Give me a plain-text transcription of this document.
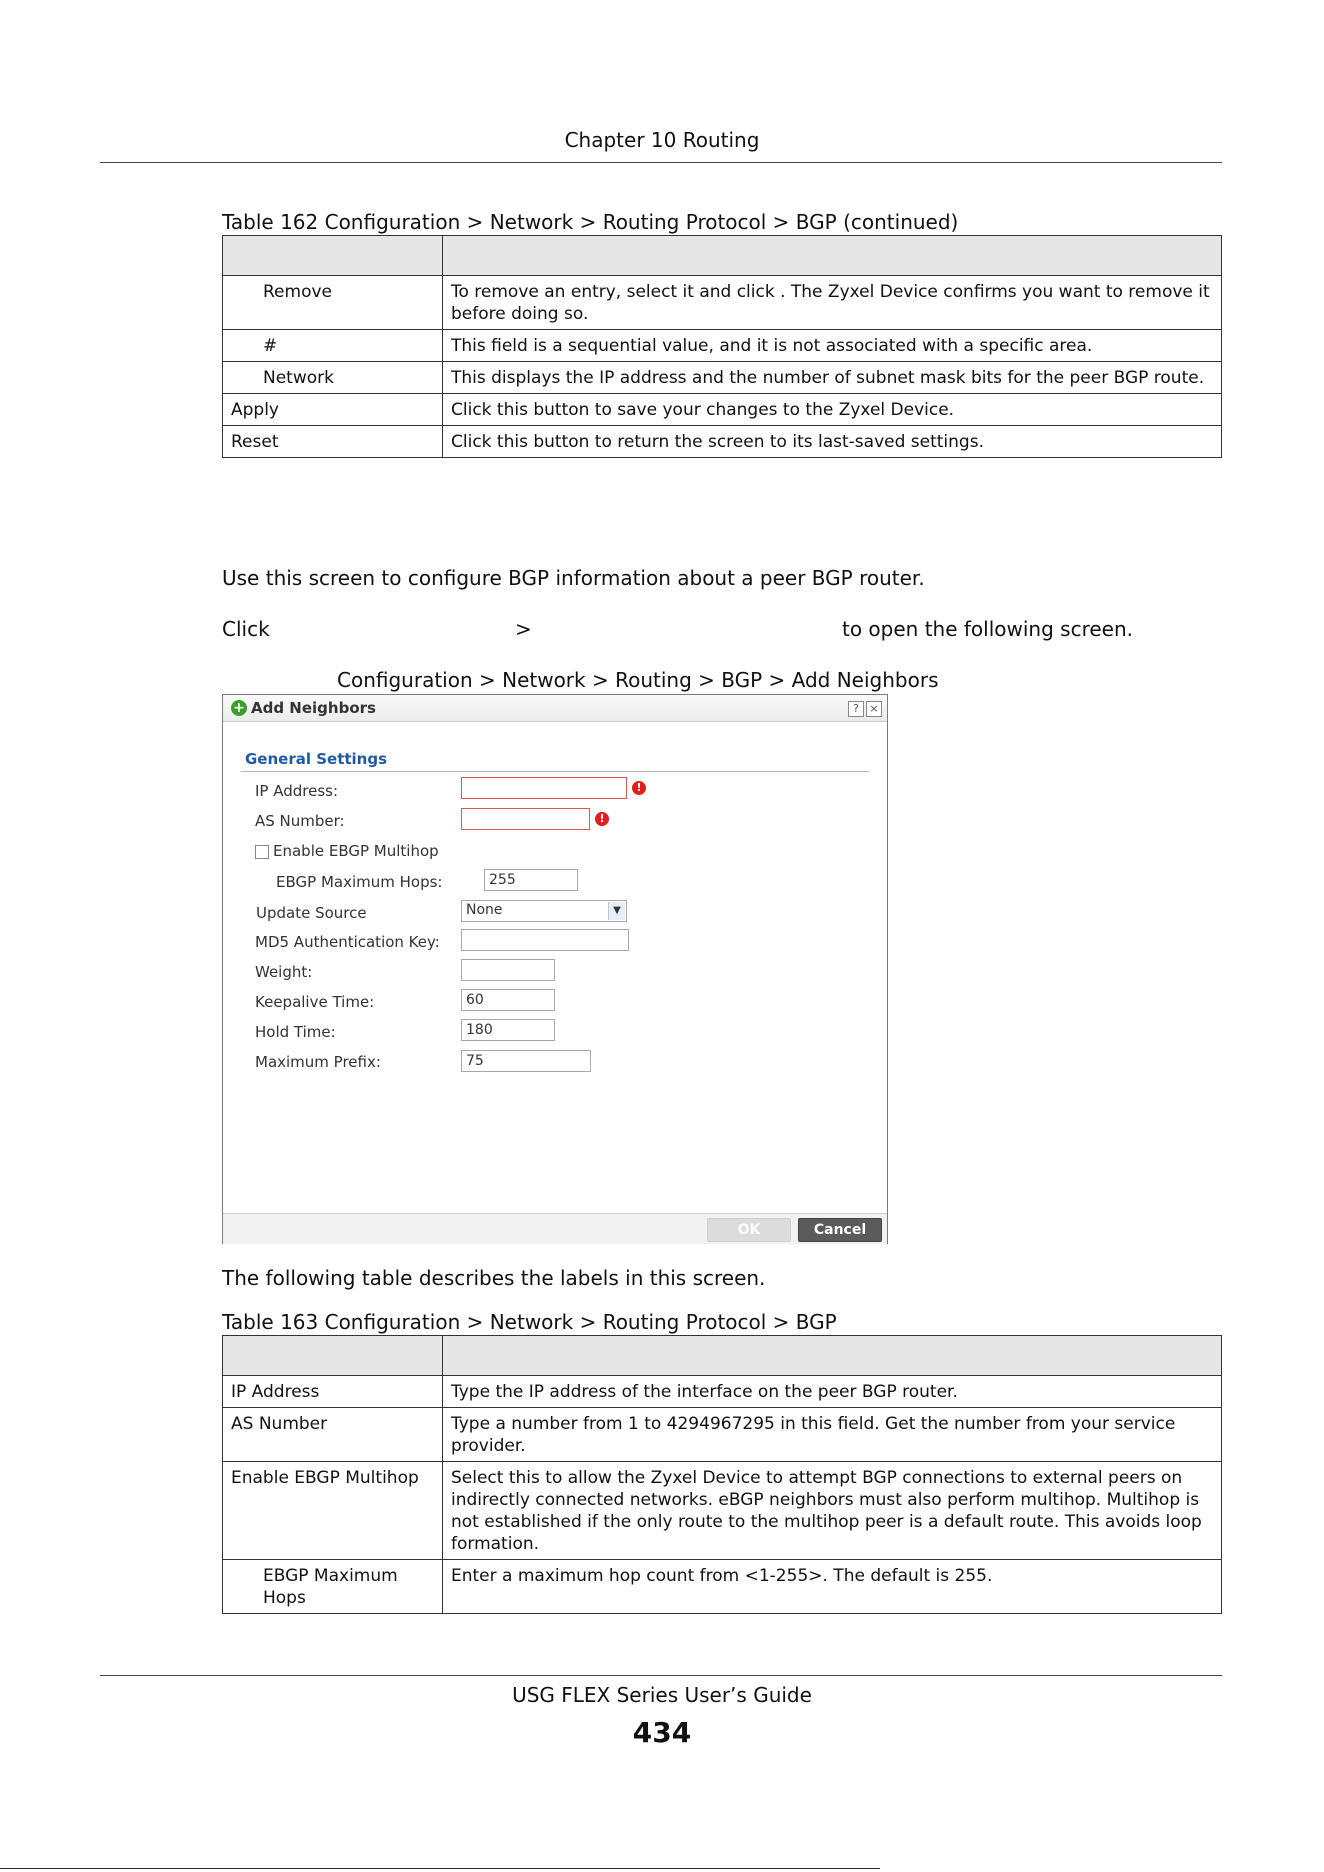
Chapter 10 Routing
Table 162 Configuration > Network > Routing Protocol > BGP (continued)

Remove	To remove an entry, select it and click . The Zyxel Device confirms you want to remove it before doing so.
#	This field is a sequential value, and it is not associated with a specific area.
Network	This displays the IP address and the number of subnet mask bits for the peer BGP route.
Apply	Click this button to save your changes to the Zyxel Device.
Reset	Click this button to return the screen to its last-saved settings.
Use this screen to configure BGP information about a peer BGP router.
Click	>	to open the following screen.
Configuration > Network > Routing > BGP > Add Neighbors
+ Add Neighbors	? ×
General Settings
IP Address:	!
AS Number:	!
Enable EBGP Multihop
EBGP Maximum Hops:
255
Update Source	None	▼
MD5 Authentication Key:
Weight:
Keepalive Time:
60
Hold Time:
180
Maximum Prefix:
75
OK	Cancel
The following table describes the labels in this screen.
Table 163 Configuration > Network > Routing Protocol > BGP

IP Address	Type the IP address of the interface on the peer BGP router.
AS Number	Type a number from 1 to 4294967295 in this field. Get the number from your service provider.
Enable EBGP Multihop	Select this to allow the Zyxel Device to attempt BGP connections to external peers on indirectly connected networks. eBGP neighbors must also perform multihop. Multihop is not established if the only route to the multihop peer is a default route. This avoids loop formation.
EBGP Maximum Hops	Enter a maximum hop count from <1-255>. The default is 255.
USG FLEX Series User’s Guide
434
